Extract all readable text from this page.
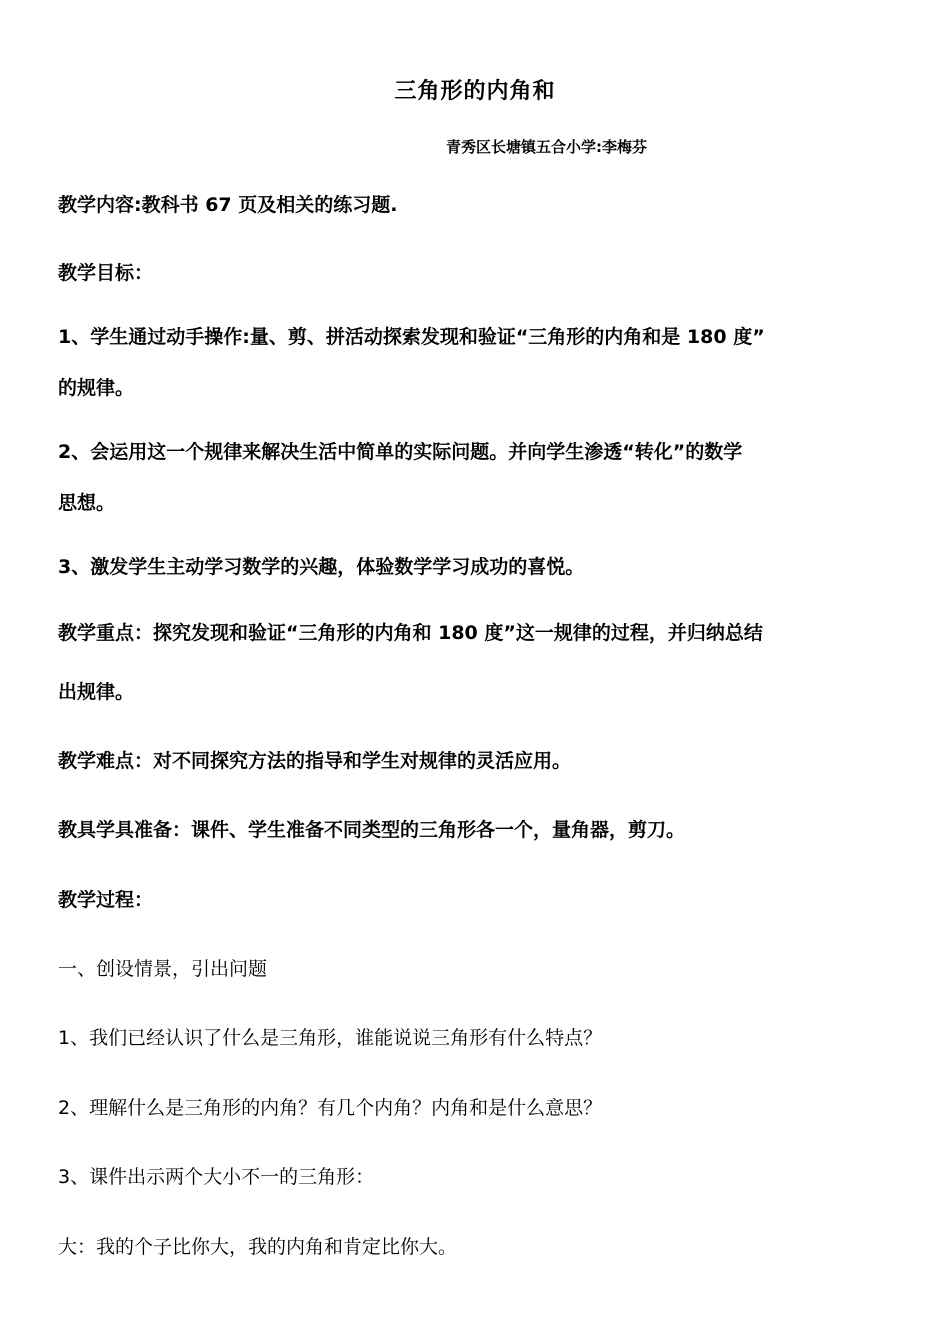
三角形的内角和
青秀区长塘镇五合小学:李梅芬
教学内容:教科书 67 页及相关的练习题.
教学目标：
1、学生通过动手操作:量、剪、拼活动探索发现和验证“三角形的内角和是 180 度”
的规律。
2、会运用这一个规律来解决生活中简单的实际问题。并向学生渗透“转化”的数学
思想。
3、激发学生主动学习数学的兴趣，体验数学学习成功的喜悦。
教学重点：探究发现和验证“三角形的内角和 180 度”这一规律的过程，并归纳总结
出规律。
教学难点：对不同探究方法的指导和学生对规律的灵活应用。
教具学具准备：课件、学生准备不同类型的三角形各一个，量角器，剪刀。
教学过程：
一、创设情景，引出问题
1、我们已经认识了什么是三角形，谁能说说三角形有什么特点？
2、理解什么是三角形的内角？有几个内角？内角和是什么意思？
3、课件出示两个大小不一的三角形：
大：我的个子比你大，我的内角和肯定比你大。
